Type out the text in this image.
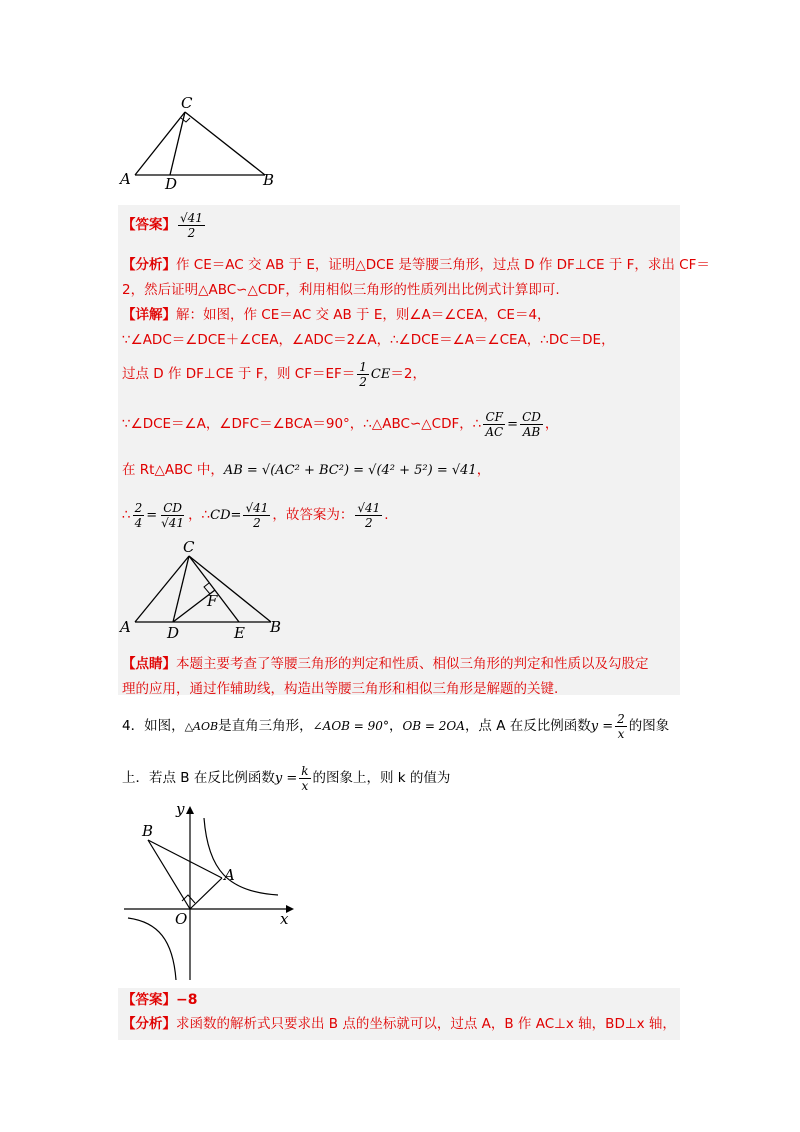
C
A D	B
【答案】 $\frac{√41}{2}$
【分析】作 CE＝AC 交 AB 于 E，证明△DCE 是等腰三角形，过点 D 作 DF⊥CE 于 F，求出 CF＝
2，然后证明△ABC∽△CDF，利用相似三角形的性质列出比例式计算即可.
【详解】解：如图，作 CE＝AC 交 AB 于 E，则∠A＝∠CEA，CE＝4，
∵∠ADC＝∠DCE＋∠CEA，∠ADC＝2∠A，∴∠DCE＝∠A＝∠CEA，∴DC＝DE，
过点 D 作 DF⊥CE 于 F，则 $CF=EF= \frac{1}{2} CE=2$，
∵∠DCE＝∠A，∠DFC＝∠BCA＝90°，∴△ABC∽△CDF，∴ $\frac{CF}{AC} = \frac{CD}{AB}$ ，
在 Rt△ABC 中，AB = √(AC² + BC²) = √(4² + 5²) = √41，
∴ $\frac{2}{4} = \frac{CD}{√41}$ ，∴CD= $\frac{√41}{2}$ ，故答案为： $\frac{√41}{2}$ .
C
F
A D	E B
【点睛】本题主要考查了等腰三角形的判定和性质、相似三角形的判定和性质以及勾股定
理的应用，通过作辅助线，构造出等腰三角形和相似三角形是解题的关键.
4．如图，△AOB是直角三角形，∠AOB = 90°，OB = 2OA，点 A 在反比例函数$y = \frac{2}{x}$ 的图象
上．若点 B 在反比例函数$y = \frac{k}{x}$ 的图象上，则 k 的值为
y
B
A
O	x
【答案】−8
【分析】求函数的解析式只要求出 B 点的坐标就可以，过点 A，B 作 AC⊥x 轴，BD⊥x 轴，
